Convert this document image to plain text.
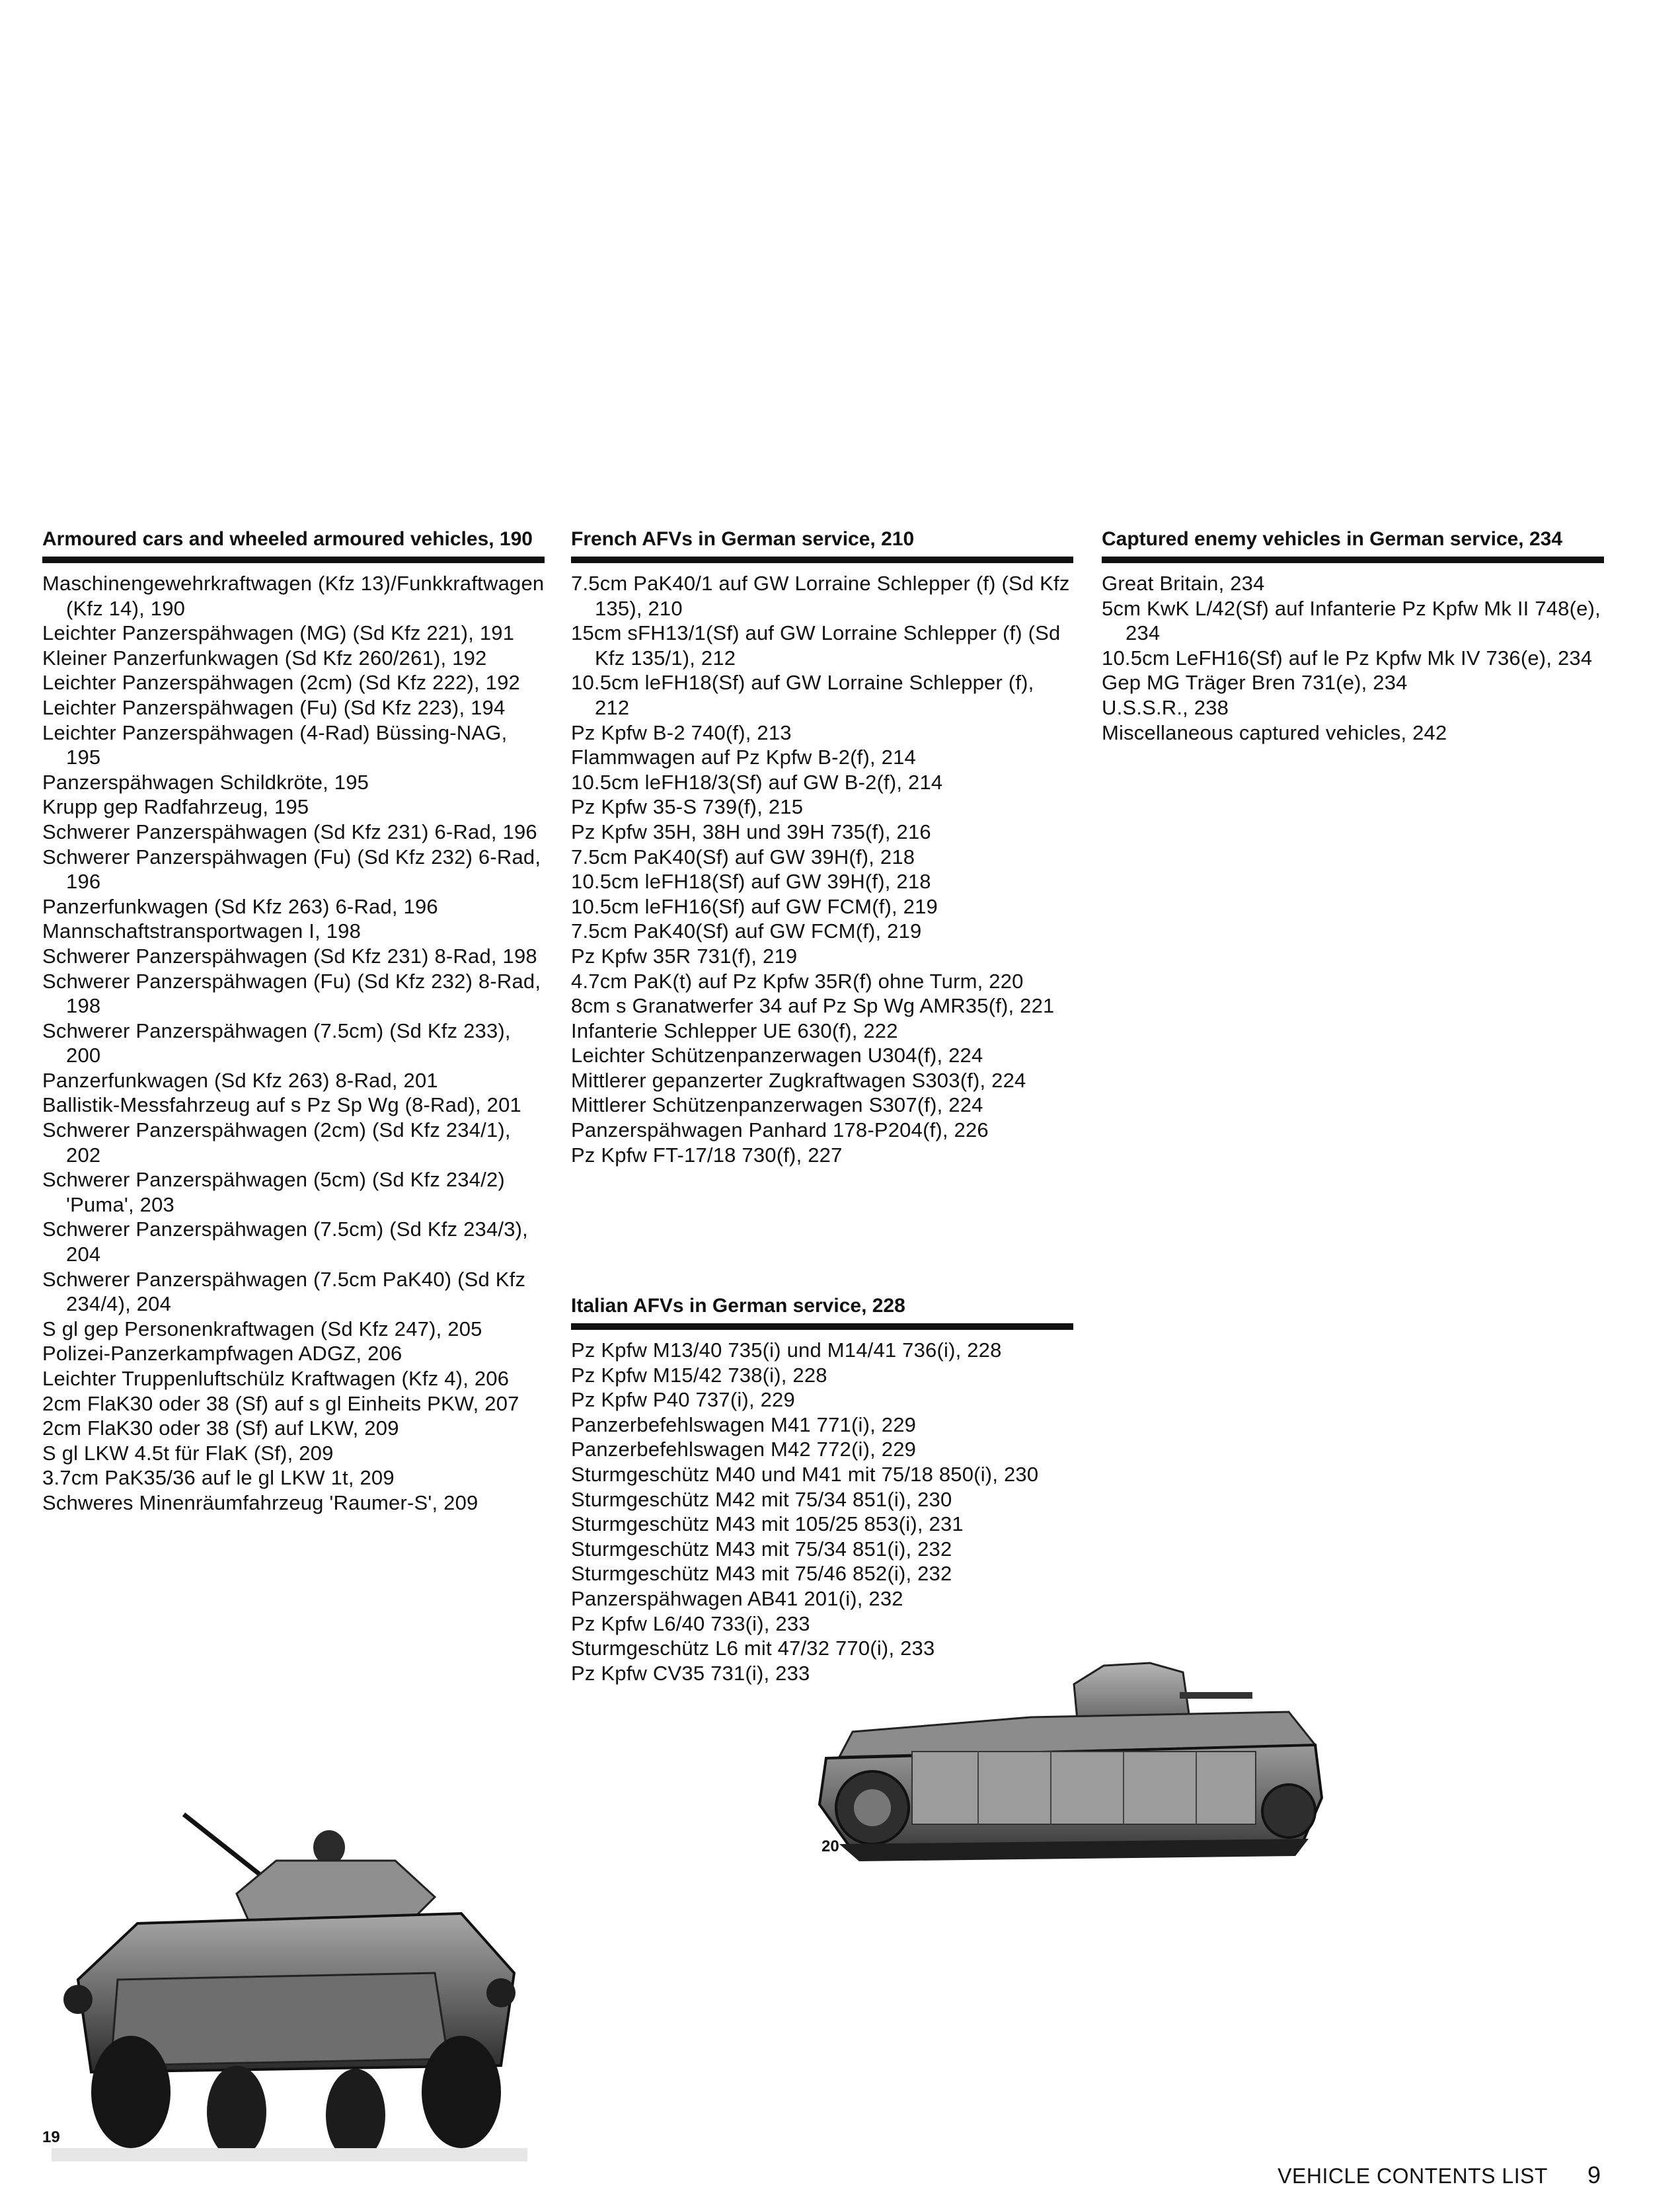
Armoured cars and wheeled armoured vehicles, 190
Maschinengewehrkraftwagen (Kfz 13)/Funkkraftwagen (Kfz 14), 190
Leichter Panzerspähwagen (MG) (Sd Kfz 221), 191
Kleiner Panzerfunkwagen (Sd Kfz 260/261), 192
Leichter Panzerspähwagen (2cm) (Sd Kfz 222), 192
Leichter Panzerspähwagen (Fu) (Sd Kfz 223), 194
Leichter Panzerspähwagen (4-Rad) Büssing-NAG, 195
Panzerspähwagen Schildkröte, 195
Krupp gep Radfahrzeug, 195
Schwerer Panzerspähwagen (Sd Kfz 231) 6-Rad, 196
Schwerer Panzerspähwagen (Fu) (Sd Kfz 232) 6-Rad, 196
Panzerfunkwagen (Sd Kfz 263) 6-Rad, 196
Mannschaftstransportwagen I, 198
Schwerer Panzerspähwagen (Sd Kfz 231) 8-Rad, 198
Schwerer Panzerspähwagen (Fu) (Sd Kfz 232) 8-Rad, 198
Schwerer Panzerspähwagen (7.5cm) (Sd Kfz 233), 200
Panzerfunkwagen (Sd Kfz 263) 8-Rad, 201
Ballistik-Messfahrzeug auf s Pz Sp Wg (8-Rad), 201
Schwerer Panzerspähwagen (2cm) (Sd Kfz 234/1), 202
Schwerer Panzerspähwagen (5cm) (Sd Kfz 234/2) 'Puma', 203
Schwerer Panzerspähwagen (7.5cm) (Sd Kfz 234/3), 204
Schwerer Panzerspähwagen (7.5cm PaK40) (Sd Kfz 234/4), 204
S gl gep Personenkraftwagen (Sd Kfz 247), 205
Polizei-Panzerkampfwagen ADGZ, 206
Leichter Truppenluftschülz Kraftwagen (Kfz 4), 206
2cm FlaK30 oder 38 (Sf) auf s gl Einheits PKW, 207
2cm FlaK30 oder 38 (Sf) auf LKW, 209
S gl LKW 4.5t für FlaK (Sf), 209
3.7cm PaK35/36 auf le gl LKW 1t, 209
Schweres Minenräumfahrzeug 'Raumer-S', 209
French AFVs in German service, 210
7.5cm PaK40/1 auf GW Lorraine Schlepper (f) (Sd Kfz 135), 210
15cm sFH13/1(Sf) auf GW Lorraine Schlepper (f) (Sd Kfz 135/1), 212
10.5cm leFH18(Sf) auf GW Lorraine Schlepper (f), 212
Pz Kpfw B-2 740(f), 213
Flammwagen auf Pz Kpfw B-2(f), 214
10.5cm leFH18/3(Sf) auf GW B-2(f), 214
Pz Kpfw 35-S 739(f), 215
Pz Kpfw 35H, 38H und 39H 735(f), 216
7.5cm PaK40(Sf) auf GW 39H(f), 218
10.5cm leFH18(Sf) auf GW 39H(f), 218
10.5cm leFH16(Sf) auf GW FCM(f), 219
7.5cm PaK40(Sf) auf GW FCM(f), 219
Pz Kpfw 35R 731(f), 219
4.7cm PaK(t) auf Pz Kpfw 35R(f) ohne Turm, 220
8cm s Granatwerfer 34 auf Pz Sp Wg AMR35(f), 221
Infanterie Schlepper UE 630(f), 222
Leichter Schützenpanzerwagen U304(f), 224
Mittlerer gepanzerter Zugkraftwagen S303(f), 224
Mittlerer Schützenpanzerwagen S307(f), 224
Panzerspähwagen Panhard 178-P204(f), 226
Pz Kpfw FT-17/18 730(f), 227
Italian AFVs in German service, 228
Pz Kpfw M13/40 735(i) und M14/41 736(i), 228
Pz Kpfw M15/42 738(i), 228
Pz Kpfw P40 737(i), 229
Panzerbefehlswagen M41 771(i), 229
Panzerbefehlswagen M42 772(i), 229
Sturmgeschütz M40 und M41 mit 75/18 850(i), 230
Sturmgeschütz M42 mit 75/34 851(i), 230
Sturmgeschütz M43 mit 105/25 853(i), 231
Sturmgeschütz M43 mit 75/34 851(i), 232
Sturmgeschütz M43 mit 75/46 852(i), 232
Panzerspähwagen AB41 201(i), 232
Pz Kpfw L6/40 733(i), 233
Sturmgeschütz L6 mit 47/32 770(i), 233
Pz Kpfw CV35 731(i), 233
Captured enemy vehicles in German service, 234
Great Britain, 234
5cm KwK L/42(Sf) auf Infanterie Pz Kpfw Mk II 748(e), 234
10.5cm LeFH16(Sf) auf le Pz Kpfw Mk IV 736(e), 234
Gep MG Träger Bren 731(e), 234
U.S.S.R., 238
Miscellaneous captured vehicles, 242
20
19
VEHICLE CONTENTS LIST 9
